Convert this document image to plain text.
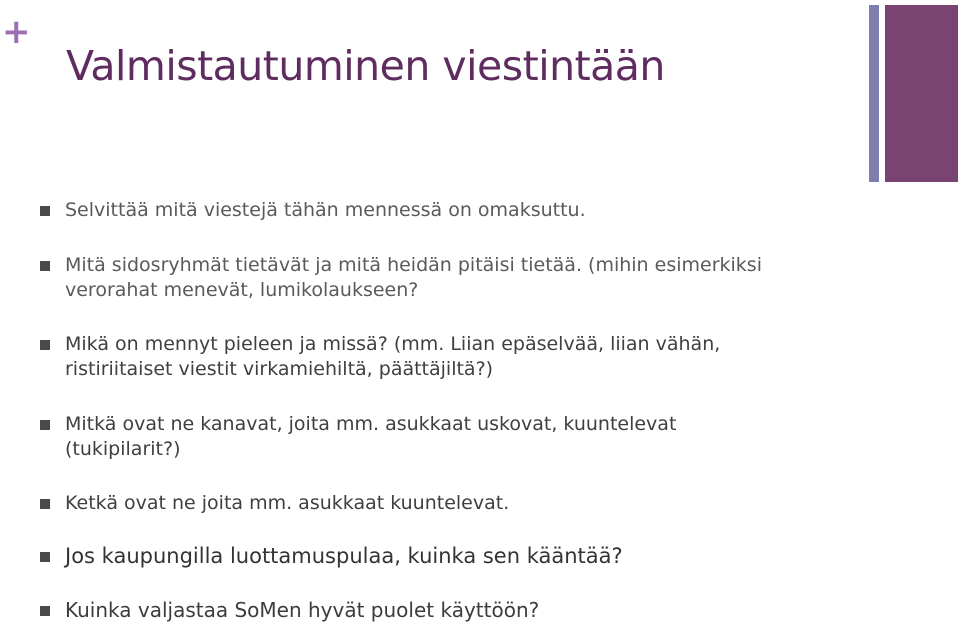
+
Valmistautuminen viestintään
Selvittää mitä viestejä tähän mennessä on omaksuttu.
Mitä sidosryhmät tietävät ja mitä heidän pitäisi tietää. (mihin esimerkiksi
verorahat menevät, lumikolaukseen?
Mikä on mennyt pieleen ja missä? (mm. Liian epäselvää, liian vähän,
ristiriitaiset viestit virkamiehiltä, päättäjiltä?)
Mitkä ovat ne kanavat, joita mm. asukkaat uskovat, kuuntelevat
(tukipilarit?)
Ketkä ovat ne joita mm. asukkaat kuuntelevat.
Jos kaupungilla luottamuspulaa, kuinka sen kääntää?
Kuinka valjastaa SoMen hyvät puolet käyttöön?
